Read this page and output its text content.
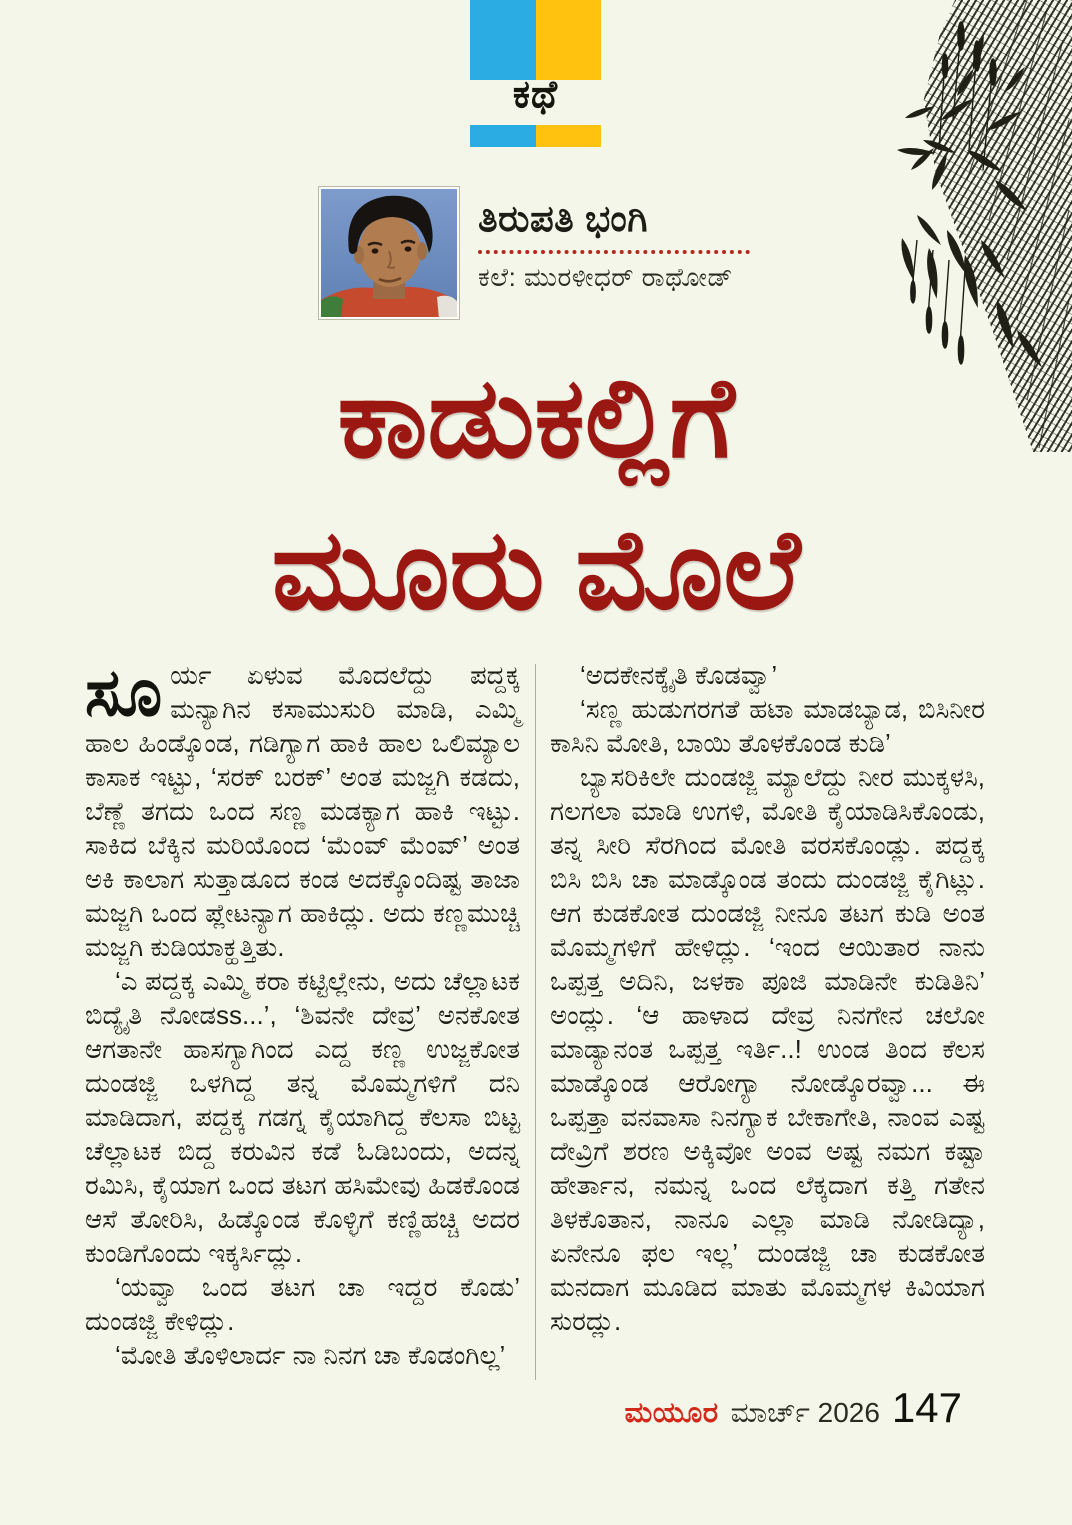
ಕಥೆ
ತಿರುಪತಿ ಭಂಗಿ
ಕಲೆ: ಮುರಳೀಧರ್ ರಾಥೋಡ್
ಕಾಡುಕಲ್ಲಿಗೆ
ಮೂರು ಮೊಲೆ

ಸೂರ್ಯ ಏಳುವ ಮೊದಲೆದ್ದು ಪದ್ದಕ್ಕ ಮನ್ಯಾಗಿನ ಕಸಾಮುಸುರಿ ಮಾಡಿ, ಎಮ್ಮಿ ಹಾಲ ಹಿಂಡ್ಕೊಂಡ, ಗಡಿಗ್ಯಾಗ ಹಾಕಿ ಹಾಲ ಒಲಿಮ್ಯಾಲ ಕಾಸಾಕ ಇಟ್ಟು, ‘ಸರಕ್ ಬರಕ್’ ಅಂತ ಮಜ್ಜಗಿ ಕಡದು, ಬೆಣ್ಣೆ ತಗದು ಒಂದ ಸಣ್ಣ ಮಡಕ್ಯಾಗ ಹಾಕಿ ಇಟ್ಟು. ಸಾಕಿದ ಬೆಕ್ಕಿನ ಮರಿಯೊಂದ ‘ಮೆಂವ್ ಮೆಂವ್’ ಅಂತ ಅಕಿ ಕಾಲಾಗ ಸುತ್ತಾಡೂದ ಕಂಡ ಅದಕ್ಕೊಂದಿಷ್ಟ ತಾಜಾ ಮಜ್ಜಗಿ ಒಂದ ಪ್ಲೇಟನ್ಯಾಗ ಹಾಕಿದ್ಲು. ಅದು ಕಣ್ಣಮುಚ್ಚಿ ಮಜ್ಜಗಿ ಕುಡಿಯಾಕ್ಹತ್ತಿತು.

‘ಎ ಪದ್ದಕ್ಕ ಎಮ್ಮಿ ಕರಾ ಕಟ್ಟಿಲ್ಲೇನು, ಅದು ಚೆಲ್ಲಾಟಕ ಬಿದ್ಯೈತಿ ನೋಡss...’, ‘ಶಿವನೇ ದೇವ್ರ’ ಅನಕೋತ ಆಗತಾನೇ ಹಾಸಗ್ಯಾಗಿಂದ ಎದ್ದ ಕಣ್ಣ ಉಜ್ಜಕೋತ ದುಂಡಜ್ಜಿ ಒಳಗಿದ್ದ ತನ್ನ ಮೊಮ್ಮಗಳಿಗೆ ದನಿ ಮಾಡಿದಾಗ, ಪದ್ದಕ್ಕ ಗಡಗ್ನ ಕೈಯಾಗಿದ್ದ ಕೆಲಸಾ ಬಿಟ್ಟ ಚೆಲ್ಲಾಟಕ ಬಿದ್ದ ಕರುವಿನ ಕಡೆ ಓಡಿಬಂದು, ಅದನ್ನ ರಮಿಸಿ, ಕೈಯಾಗ ಒಂದ ತಟಗ ಹಸಿಮೇವು ಹಿಡಕೊಂಡ ಆಸೆ ತೋರಿಸಿ, ಹಿಡ್ಕೊಂಡ ಕೊಳ್ಳಿಗೆ ಕಣ್ಣಿಹಚ್ಚಿ ಅದರ ಕುಂಡಿಗೊಂದು ಇಕ್ಕರ್ಸಿದ್ಲು.

‘ಯವ್ವಾ ಒಂದ ತಟಗ ಚಾ ಇದ್ದರ ಕೊಡು’ ದುಂಡಜ್ಜಿ ಕೇಳಿದ್ಲು.

‘ಮೋತಿ ತೊಳಿಲಾರ್ದ ನಾ ನಿನಗ ಚಾ ಕೊಡಂಗಿಲ್ಲ’

‘ಅದಕೇನಕ್ಕೈತಿ ಕೊಡವ್ವಾ’

‘ಸಣ್ಣ ಹುಡುಗರಗತೆ ಹಟಾ ಮಾಡಬ್ಯಾಡ, ಬಿಸಿನೀರ ಕಾಸಿನಿ ಮೋತಿ, ಬಾಯಿ ತೊಳಕೊಂಡ ಕುಡಿ’

ಬ್ಯಾಸರಿಕಿಲೇ ದುಂಡಜ್ಜಿ ಮ್ಯಾಲೆದ್ದು ನೀರ ಮುಕ್ಕಳಸಿ, ಗಲಗಲಾ ಮಾಡಿ ಉಗಳಿ, ಮೋತಿ ಕೈಯಾಡಿಸಿಕೊಂಡು, ತನ್ನ ಸೀರಿ ಸೆರಗಿಂದ ಮೋತಿ ವರಸಕೊಂಡ್ಲು. ಪದ್ದಕ್ಕ ಬಿಸಿ ಬಿಸಿ ಚಾ ಮಾಡ್ಕೊಂಡ ತಂದು ದುಂಡಜ್ಜಿ ಕೈಗಿಟ್ಲು. ಆಗ ಕುಡಕೋತ ದುಂಡಜ್ಜಿ ನೀನೂ ತಟಗ ಕುಡಿ ಅಂತ ಮೊಮ್ಮಗಳಿಗೆ ಹೇಳಿದ್ಲು. ‘ಇಂದ ಆಯಿತಾರ ನಾನು ಒಪ್ಪತ್ತ ಅದಿನಿ, ಜಳಕಾ ಪೂಜಿ ಮಾಡಿನೇ ಕುಡಿತಿನಿ’ ಅಂದ್ಲು. ‘ಆ ಹಾಳಾದ ದೇವ್ರ ನಿನಗೇನ ಚಲೋ ಮಾಡ್ಯಾನಂತ ಒಪ್ಪತ್ತ ಇರ್ತಿ..! ಉಂಡ ತಿಂದ ಕೆಲಸ ಮಾಡ್ಕೊಂಡ ಆರೋಗ್ಯಾ ನೋಡ್ಕೊರವ್ವಾ... ಈ ಒಪ್ಪತ್ತಾ ವನವಾಸಾ ನಿನಗ್ಯಾಕ ಬೇಕಾಗೇತಿ, ನಾಂವ ಎಷ್ಟ ದೇವ್ರಿಗೆ ಶರಣ ಅಕ್ಕಿವೋ ಅಂವ ಅಷ್ಟ ನಮಗ ಕಷ್ಟಾ ಹೇರ್ತಾನ, ನಮನ್ನ ಒಂದ ಲೆಕ್ಕದಾಗ ಕತ್ತಿ ಗತೇನ ತಿಳಕೊತಾನ, ನಾನೂ ಎಲ್ಲಾ ಮಾಡಿ ನೋಡಿದ್ಯಾ, ಏನೇನೂ ಫಲ ಇಲ್ಲ’ ದುಂಡಜ್ಜಿ ಚಾ ಕುಡಕೋತ ಮನದಾಗ ಮೂಡಿದ ಮಾತು ಮೊಮ್ಮಗಳ ಕಿವಿಯಾಗ ಸುರದ್ಲು.

ಮಯೂರ ಮಾರ್ಚ್ 2026 147
